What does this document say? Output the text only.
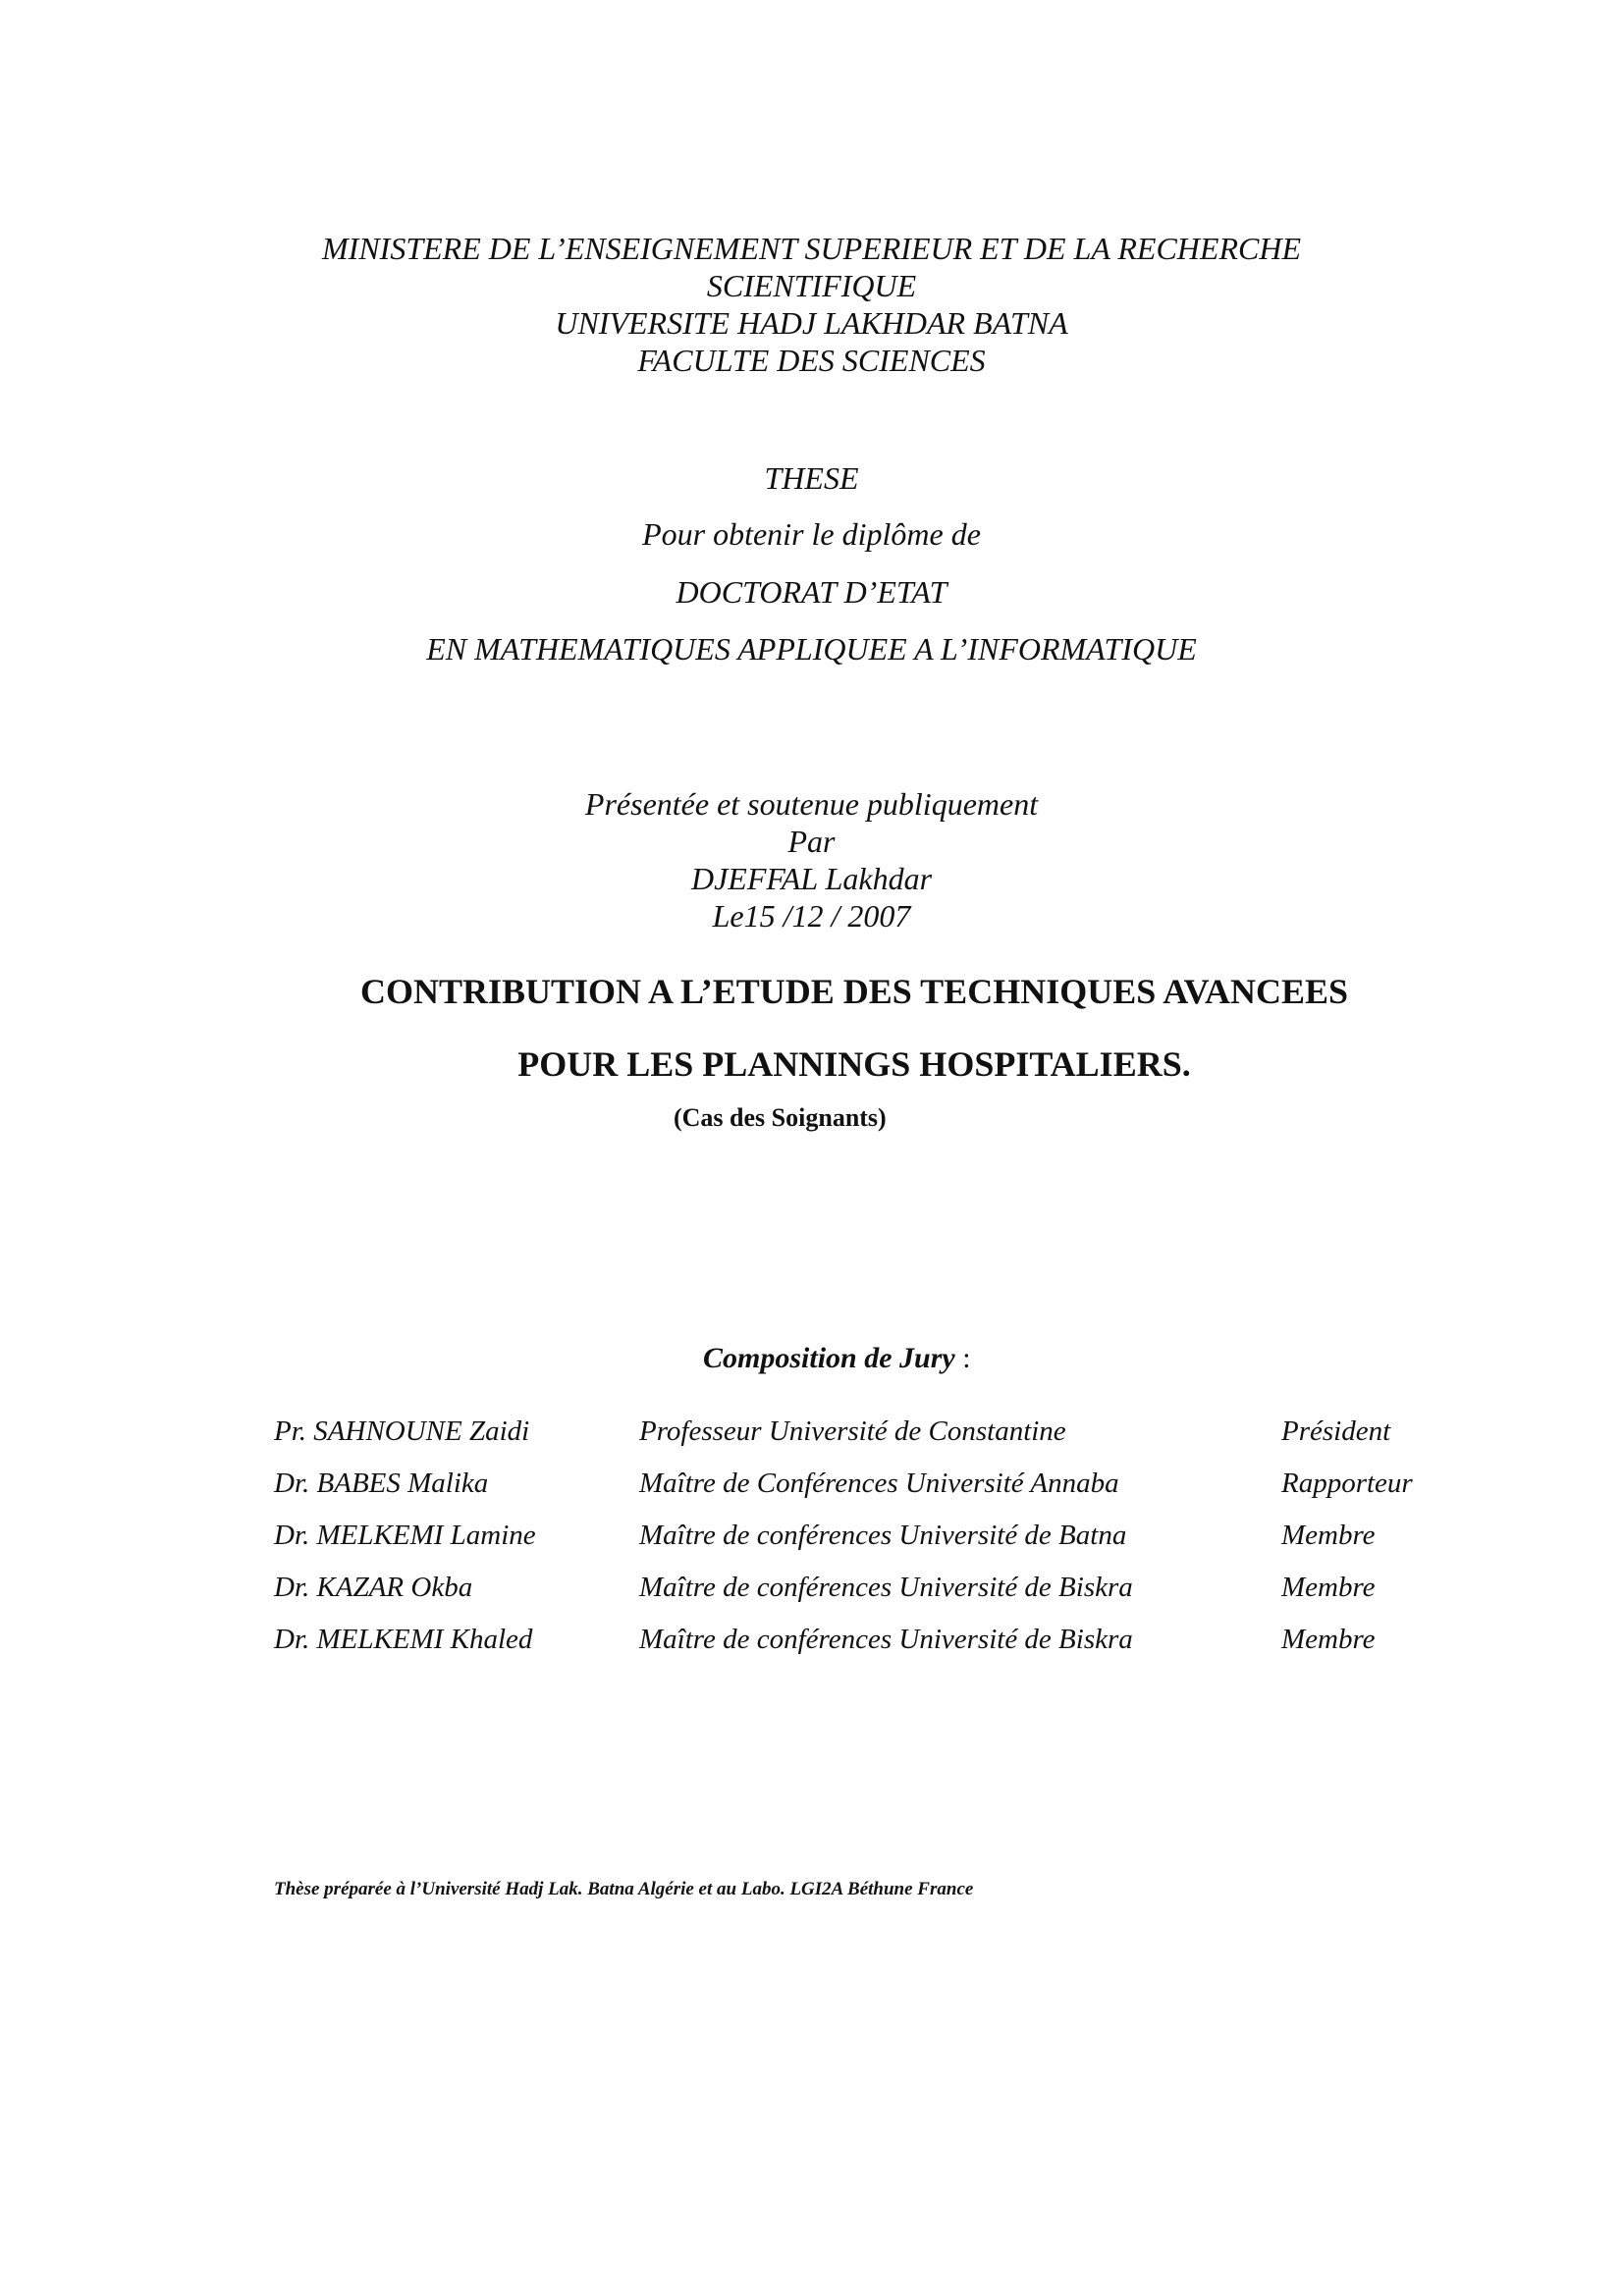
MINISTERE DE L’ENSEIGNEMENT SUPERIEUR ET DE LA RECHERCHE
SCIENTIFIQUE
UNIVERSITE HADJ LAKHDAR BATNA
FACULTE DES SCIENCES
THESE
Pour obtenir le diplôme de
DOCTORAT D’ETAT
EN MATHEMATIQUES APPLIQUEE A L’INFORMATIQUE
Présentée et soutenue publiquement
Par
DJEFFAL Lakhdar
Le15 /12 / 2007
CONTRIBUTION A L’ETUDE DES TECHNIQUES AVANCEES
POUR LES PLANNINGS HOSPITALIERS.
(Cas des Soignants)
Composition de Jury :
Pr. SAHNOUNE Zaidi	Professeur Université de Constantine	Président
Dr. BABES Malika	Maître de Conférences Université Annaba	Rapporteur
Dr. MELKEMI Lamine	Maître de conférences Université de Batna	Membre
Dr. KAZAR Okba	Maître de conférences Université de Biskra	Membre
Dr. MELKEMI Khaled	Maître de conférences Université de Biskra	Membre
Thèse préparée à l’Université Hadj Lak. Batna Algérie et au Labo. LGI2A Béthune France
